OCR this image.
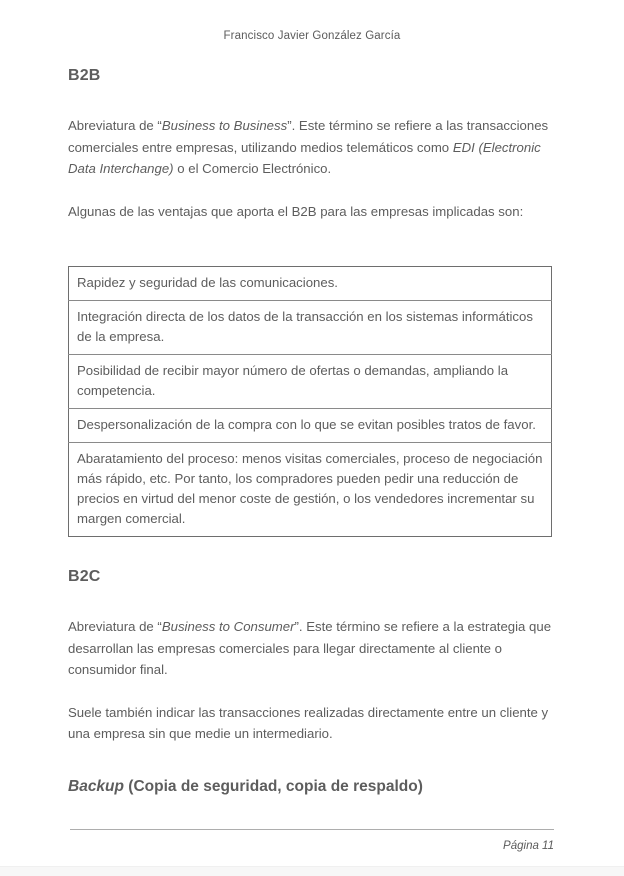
Francisco Javier González García
B2B

Abreviatura de “Business to Business”. Este término se refiere a las transacciones comerciales entre empresas, utilizando medios telemáticos como EDI (Electronic Data Interchange) o el Comercio Electrónico.

Algunas de las ventajas que aporta el B2B para las empresas implicadas son:

Rapidez y seguridad de las comunicaciones.
Integración directa de los datos de la transacción en los sistemas informáticos de la empresa.
Posibilidad de recibir mayor número de ofertas o demandas, ampliando la competencia.
Despersonalización de la compra con lo que se evitan posibles tratos de favor.
Abaratamiento del proceso: menos visitas comerciales, proceso de negociación más rápido, etc. Por tanto, los compradores pueden pedir una reducción de precios en virtud del menor coste de gestión, o los vendedores incrementar su margen comercial.
B2C

Abreviatura de “Business to Consumer”. Este término se refiere a la estrategia que desarrollan las empresas comerciales para llegar directamente al cliente o consumidor final.

Suele también indicar las transacciones realizadas directamente entre un cliente y una empresa sin que medie un intermediario.

Backup (Copia de seguridad, copia de respaldo)
Página 11
